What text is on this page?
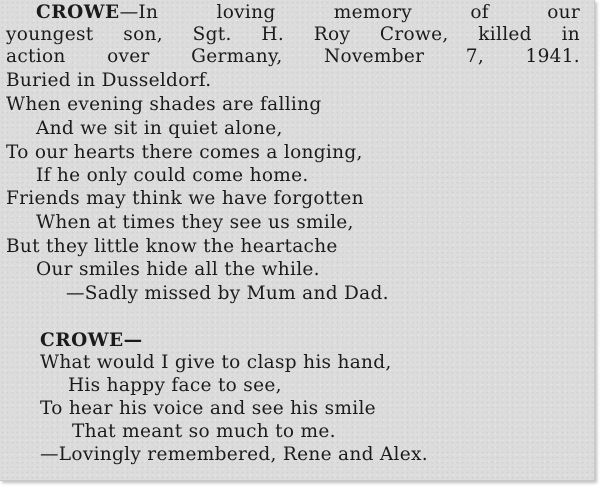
CROWE—In loving memory of our
youngest son, Sgt. H. Roy Crowe, killed in
action over Germany, November 7, 1941.
Buried in Dusseldorf.
When evening shades are falling
And we sit in quiet alone,
To our hearts there comes a longing,
If he only could come home.
Friends may think we have forgotten
When at times they see us smile,
But they little know the heartache
Our smiles hide all the while.
—Sadly missed by Mum and Dad.
CROWE—
What would I give to clasp his hand,
His happy face to see,
To hear his voice and see his smile
That meant so much to me.
—Lovingly remembered, Rene and Alex.
